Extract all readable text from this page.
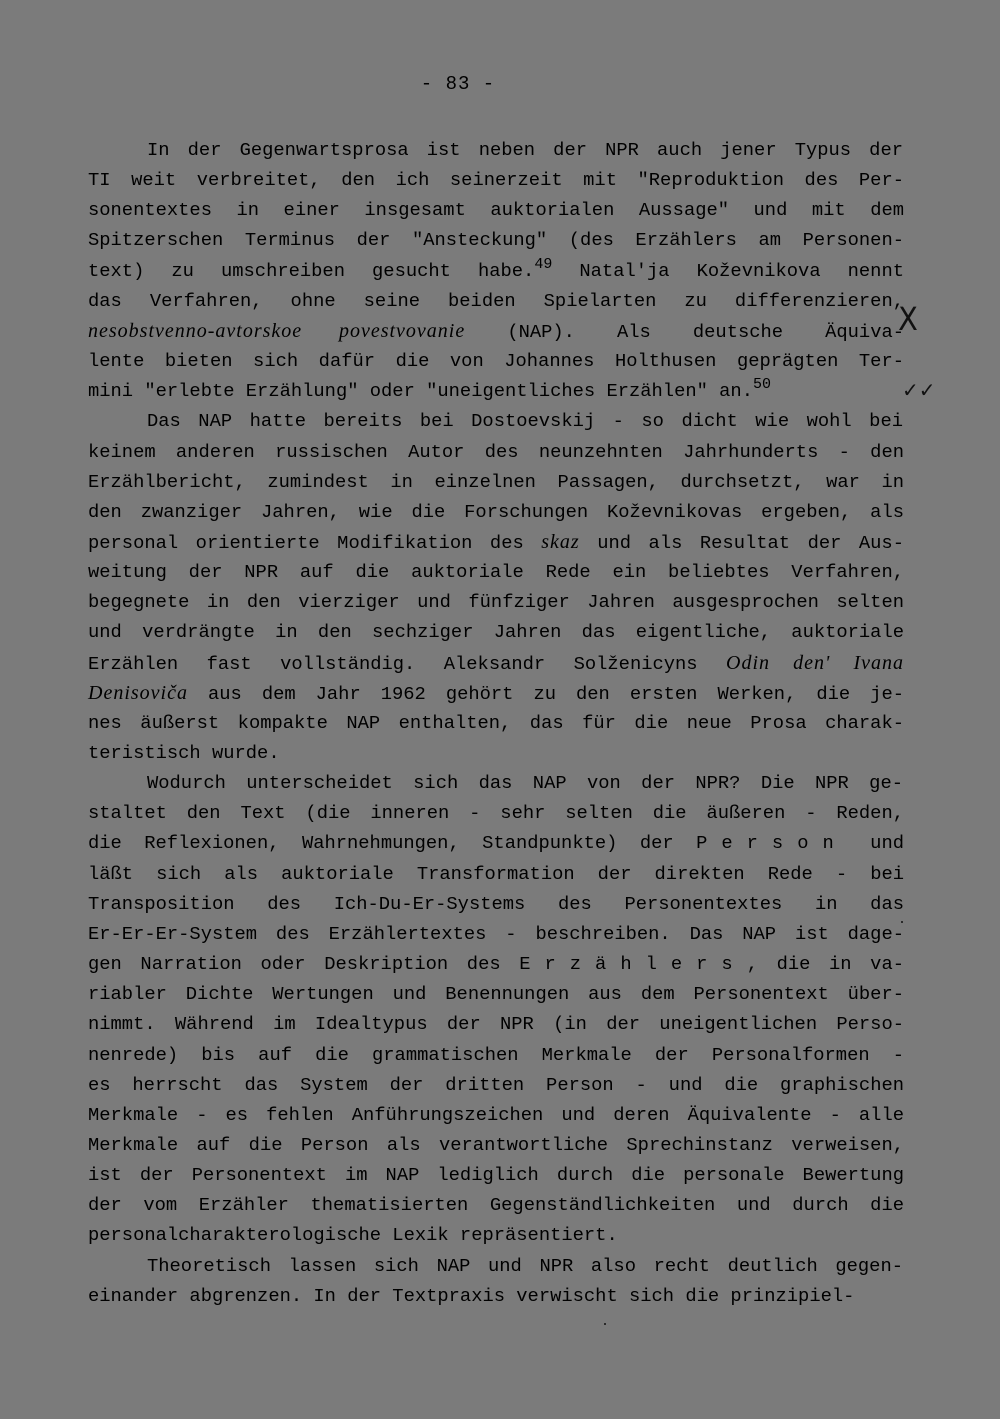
- 83 -
In der Gegenwartsprosa ist neben der NPR auch jener Typus der
TI weit verbreitet, den ich seinerzeit mit "Reproduktion des Per-
sonentextes in einer insgesamt auktorialen Aussage" und mit dem
Spitzerschen Terminus der "Ansteckung" (des Erzählers am Personen-
text) zu umschreiben gesucht habe.$^{49}$ Natal'ja Koževnikova nennt
das Verfahren, ohne seine beiden Spielarten zu differenzieren,
nesobstvenno-avtorskoe povestvovanie (NAP). Als deutsche Äquiva-
lente bieten sich dafür die von Johannes Holthusen geprägten Ter-
mini "erlebte Erzählung" oder "uneigentliches Erzählen" an.$^{50}$
Das NAP hatte bereits bei Dostoevskij - so dicht wie wohl bei
keinem anderen russischen Autor des neunzehnten Jahrhunderts - den
Erzählbericht, zumindest in einzelnen Passagen, durchsetzt, war in
den zwanziger Jahren, wie die Forschungen Koževnikovas ergeben, als
personal orientierte Modifikation des skaz und als Resultat der Aus-
weitung der NPR auf die auktoriale Rede ein beliebtes Verfahren,
begegnete in den vierziger und fünfziger Jahren ausgesprochen selten
und verdrängte in den sechziger Jahren das eigentliche, auktoriale
Erzählen fast vollständig. Aleksandr Solženicyns Odin den' Ivana
Denisoviča aus dem Jahr 1962 gehört zu den ersten Werken, die je-
nes äußerst kompakte NAP enthalten, das für die neue Prosa charak-
teristisch wurde.
Wodurch unterscheidet sich das NAP von der NPR? Die NPR ge-
staltet den Text (die inneren - sehr selten die äußeren - Reden,
die Reflexionen, Wahrnehmungen, Standpunkte) der Person und
läßt sich als auktoriale Transformation der direkten Rede - bei
Transposition des Ich-Du-Er-Systems des Personentextes in das
Er-Er-Er-System des Erzählertextes - beschreiben. Das NAP ist dage-
gen Narration oder Deskription des Erzählers, die in va-
riabler Dichte Wertungen und Benennungen aus dem Personentext über-
nimmt. Während im Idealtypus der NPR (in der uneigentlichen Perso-
nenrede) bis auf die grammatischen Merkmale der Personalformen -
es herrscht das System der dritten Person - und die graphischen
Merkmale - es fehlen Anführungszeichen und deren Äquivalente - alle
Merkmale auf die Person als verantwortliche Sprechinstanz verweisen,
ist der Personentext im NAP lediglich durch die personale Bewertung
der vom Erzähler thematisierten Gegenständlichkeiten und durch die
personalcharakterologische Lexik repräsentiert.
Theoretisch lassen sich NAP und NPR also recht deutlich gegen-
einander abgrenzen. In der Textpraxis verwischt sich die prinzipiel-
X
✓✓
